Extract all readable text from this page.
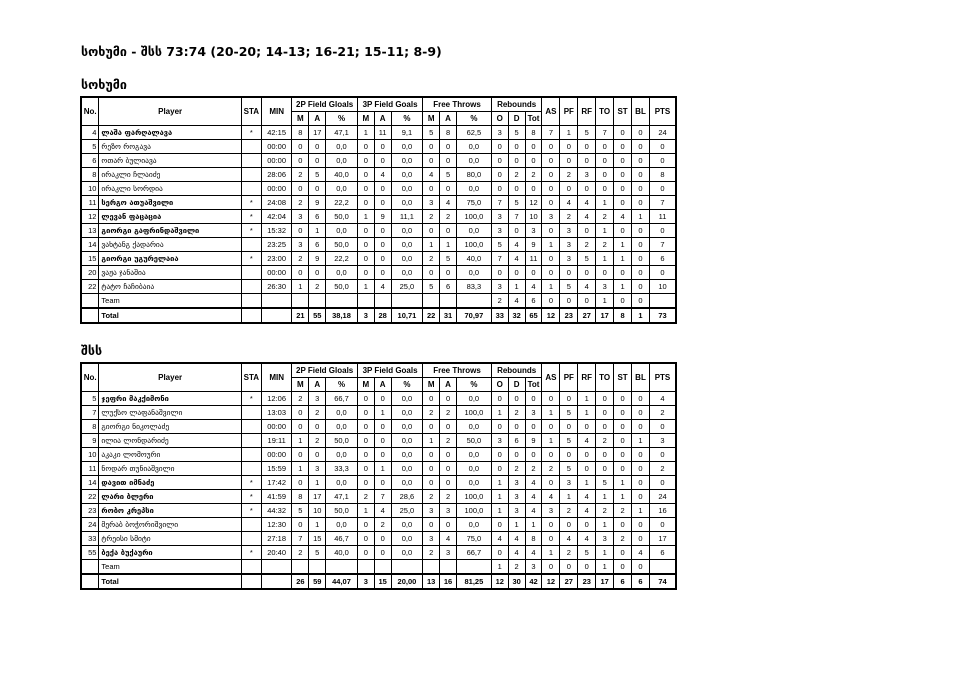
სოხუმი - შსს 73:74 (20-20; 14-13; 16-21; 15-11; 8-9)
სოხუმი
No.	Player	STA	MIN	2P Field Gloals			3P Field Goals			Free Throws			Rebounds			AS	PF	RF	TO	ST	BL	PTS
				M	A	%	M	A	%	M	A	%	O	D	Tot							
4	ლაშა ფარღალავა	*	42:15	8	17	47,1	1	11	9,1	5	8	62,5	3	5	8	7	1	5	7	0	0	24
5	რეზო როგავა		00:00	0	0	0,0	0	0	0,0	0	0	0,0	0	0	0	0	0	0	0	0	0	0
6	ოთარ ბულიავა		00:00	0	0	0,0	0	0	0,0	0	0	0,0	0	0	0	0	0	0	0	0	0	0
8	ირაკლი ჩლაიძე		28:06	2	5	40,0	0	4	0,0	4	5	80,0	0	2	2	0	2	3	0	0	0	8
10	ირაკლი სორდია		00:00	0	0	0,0	0	0	0,0	0	0	0,0	0	0	0	0	0	0	0	0	0	0
11	სერგო ათუაშვილი	*	24:08	2	9	22,2	0	0	0,0	3	4	75,0	7	5	12	0	4	4	1	0	0	7
12	ლევან ფაცაცია	*	42:04	3	6	50,0	1	9	11,1	2	2	100,0	3	7	10	3	2	4	2	4	1	11
13	გიორგი გაფრინდაშვილი	*	15:32	0	1	0,0	0	0	0,0	0	0	0,0	3	0	3	0	3	0	1	0	0	0
14	ვახტანგ ქადარია		23:25	3	6	50,0	0	0	0,0	1	1	100,0	5	4	9	1	3	2	2	1	0	7
15	გიორგი უგურელაია	*	23:00	2	9	22,2	0	0	0,0	2	5	40,0	7	4	11	0	3	5	1	1	0	6
20	ვაჟა ჯანაშია		00:00	0	0	0,0	0	0	0,0	0	0	0,0	0	0	0	0	0	0	0	0	0	0
22	ტატო ჩაჩიბაია		26:30	1	2	50,0	1	4	25,0	5	6	83,3	3	1	4	1	5	4	3	1	0	10
	Team												2	4	6	0	0	0	1	0	0	
	Total			21	55	38,18	3	28	10,71	22	31	70,97	33	32	65	12	23	27	17	8	1	73
შსს
No.	Player	STA	MIN	2P Field Gloals			3P Field Goals			Free Throws			Rebounds			AS	PF	RF	TO	ST	BL	PTS
				M	A	%	M	A	%	M	A	%	O	D	Tot							
5	ჯეფრი მაკქიმონი	*	12:06	2	3	66,7	0	0	0,0	0	0	0,0	0	0	0	0	0	1	0	0	0	4
7	ლუქსო ლაფანაშვილი		13:03	0	2	0,0	0	1	0,0	2	2	100,0	1	2	3	1	5	1	0	0	0	2
8	გიორგი ნიკოლაძე		00:00	0	0	0,0	0	0	0,0	0	0	0,0	0	0	0	0	0	0	0	0	0	0
9	ილია ლონდარიძე		19:11	1	2	50,0	0	0	0,0	1	2	50,0	3	6	9	1	5	4	2	0	1	3
10	აკაკი ლომოური		00:00	0	0	0,0	0	0	0,0	0	0	0,0	0	0	0	0	0	0	0	0	0	0
11	ნოდარ თუნიაშვილი		15:59	1	3	33,3	0	1	0,0	0	0	0,0	0	2	2	2	5	0	0	0	0	2
14	დავით იმნაძე	*	17:42	0	1	0,0	0	0	0,0	0	0	0,0	1	3	4	0	3	1	5	1	0	0
22	ლარი ბლერი	*	41:59	8	17	47,1	2	7	28,6	2	2	100,0	1	3	4	4	1	4	1	1	0	24
23	რობო კრეპსი	*	44:32	5	10	50,0	1	4	25,0	3	3	100,0	1	3	4	3	2	4	2	2	1	16
24	მერაბ ბოჭორიშვილი		12:30	0	1	0,0	0	2	0,0	0	0	0,0	0	1	1	0	0	0	1	0	0	0
33	ტრეისი სმიტი		27:18	7	15	46,7	0	0	0,0	3	4	75,0	4	4	8	0	4	4	3	2	0	17
55	ბექა ბუქაური	*	20:40	2	5	40,0	0	0	0,0	2	3	66,7	0	4	4	1	2	5	1	0	4	6
	Team												1	2	3	0	0	0	1	0	0	
	Total			26	59	44,07	3	15	20,00	13	16	81,25	12	30	42	12	27	23	17	6	6	74
